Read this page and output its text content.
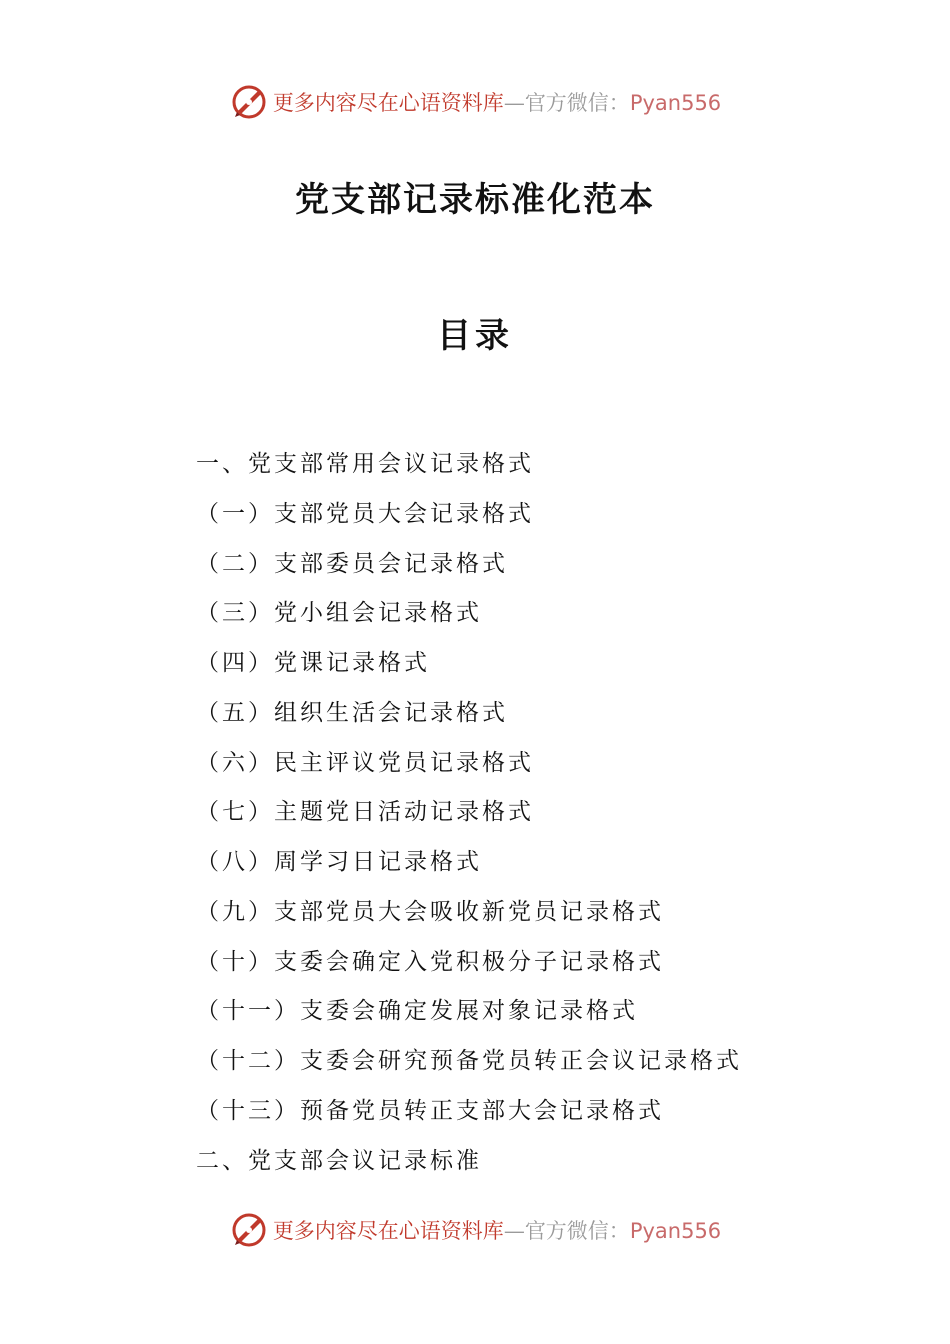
更多内容尽在心语资料库—官方微信：Pyan556
党支部记录标准化范本
目录
一、党支部常用会议记录格式
（一）支部党员大会记录格式
（二）支部委员会记录格式
（三）党小组会记录格式
（四）党课记录格式
（五）组织生活会记录格式
（六）民主评议党员记录格式
（七）主题党日活动记录格式
（八）周学习日记录格式
（九）支部党员大会吸收新党员记录格式
（十）支委会确定入党积极分子记录格式
（十一）支委会确定发展对象记录格式
（十二）支委会研究预备党员转正会议记录格式
（十三）预备党员转正支部大会记录格式
二、党支部会议记录标准
更多内容尽在心语资料库—官方微信：Pyan556
